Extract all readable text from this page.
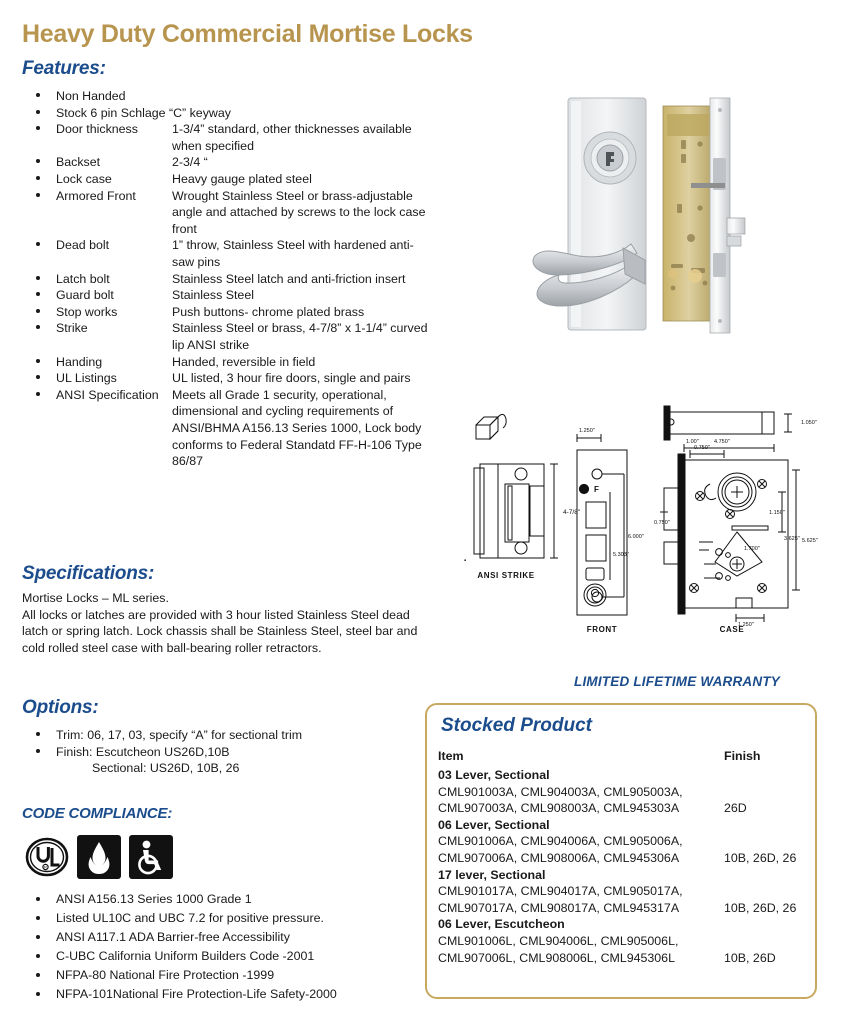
Heavy Duty Commercial Mortise Locks
Features:
Non Handed
Stock 6 pin Schlage “C” keyway
Door thickness	1-3/4” standard, other thicknesses available when specified
Backset	2-3/4 “
Lock case	Heavy gauge plated steel
Armored Front	Wrought Stainless Steel or brass-adjustable angle and attached by screws to the lock case front
Dead bolt	1” throw, Stainless Steel with hardened anti-saw pins
Latch bolt	Stainless Steel latch and anti-friction insert
Guard bolt	Stainless Steel
Stop works	Push buttons- chrome plated brass
Strike	Stainless Steel or brass, 4-7/8” x 1-1/4” curved lip ANSI strike
Handing	Handed, reversible in field
UL Listings	UL listed, 3 hour fire doors, single and pairs
ANSI Specification Meets all Grade 1 security, operational, dimensional and cycling requirements of ANSI/BHMA A156.13 Series 1000, Lock body conforms to Federal Standatd FF-H-106 Type 86/87
Specifications:
Mortise Locks – ML series.
All locks or latches are provided with 3 hour listed Stainless Steel dead latch or spring latch. Lock chassis shall be Stainless Steel, steel bar and cold rolled steel case with ball-bearing roller retractors.
Options:
Trim: 06, 17, 03, specify “A” for sectional trim
Finish: Escutcheon US26D,10B
Sectional: US26D, 10B, 26
CODE COMPLIANCE:
R
ANSI A156.13 Series 1000 Grade 1
Listed UL10C and UBC 7.2 for positive pressure.
ANSI A117.1 ADA Barrier-free Accessibility
C-UBC California Uniform Builders Code -2001
NFPA-80 National Fire Protection -1999
NFPA-101National Fire Protection-Life Safety-2000
ANSI STRIKE
FRONT	CASE
4-7/8"
1.250"
6.000"
5.303"
1.050"
4.750"
0.750"
1.00"
0.750"
1.150"
3.625" 5.625"
1.700"
1.250"
F
▪
LIMITED LIFETIME WARRANTY
Stocked Product
Item	Finish
03 Lever, Sectional
CML901003A, CML904003A, CML905003A,
CML907003A, CML908003A, CML945303A	26D
06 Lever, Sectional
CML901006A, CML904006A, CML905006A,
CML907006A, CML908006A, CML945306A	10B, 26D, 26
17 lever, Sectional
CML901017A, CML904017A, CML905017A,
CML907017A, CML908017A, CML945317A	10B, 26D, 26
06 Lever, Escutcheon
CML901006L, CML904006L, CML905006L,
CML907006L, CML908006L, CML945306L	10B, 26D
